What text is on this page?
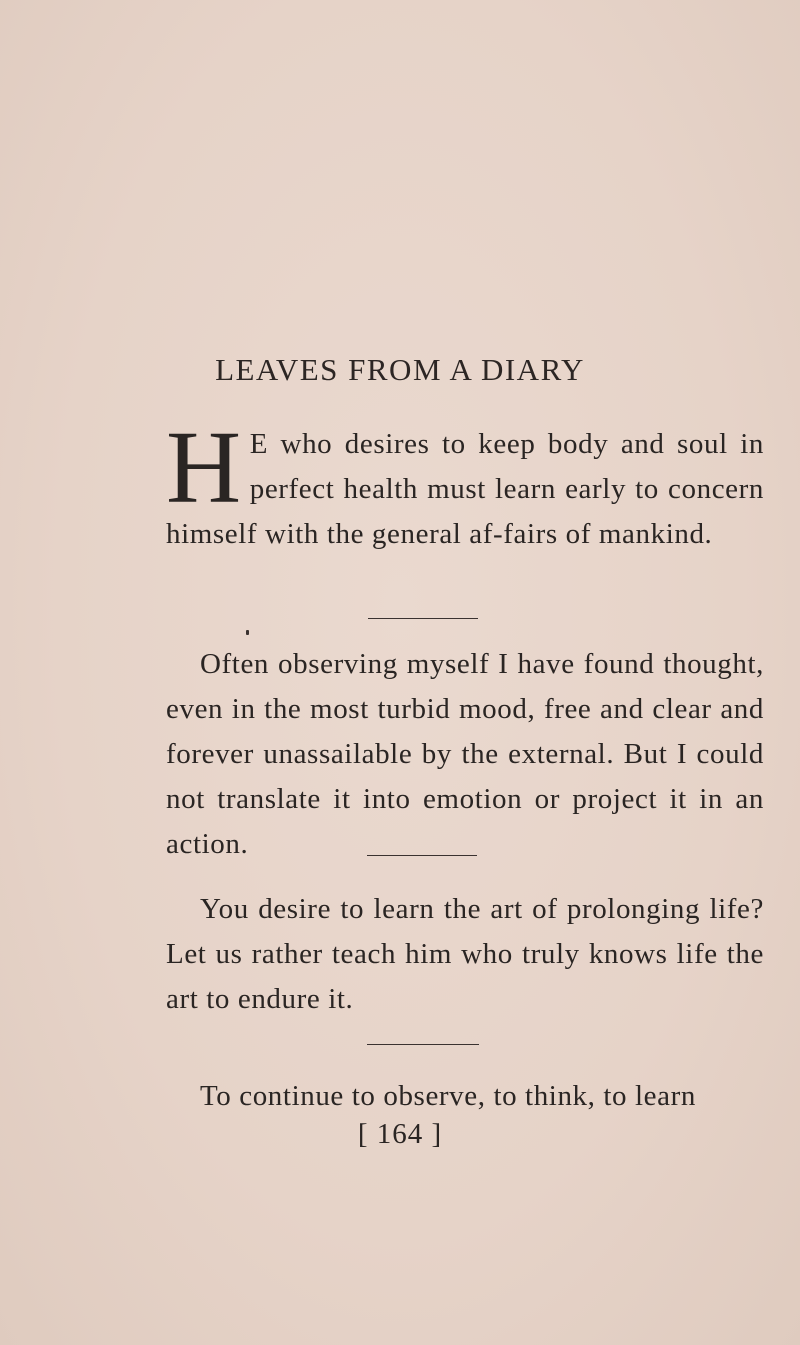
LEAVES FROM A DIARY
H E who desires to keep body and soul in perfect health must learn early to concern himself with the general af-fairs of mankind.
Often observing myself I have found thought, even in the most turbid mood, free and clear and forever unassailable by the external. But I could not translate it into emotion or project it in an action.
You desire to learn the art of prolonging life? Let us rather teach him who truly knows life the art to endure it.
To continue to observe, to think, to learn
[ 164 ]
